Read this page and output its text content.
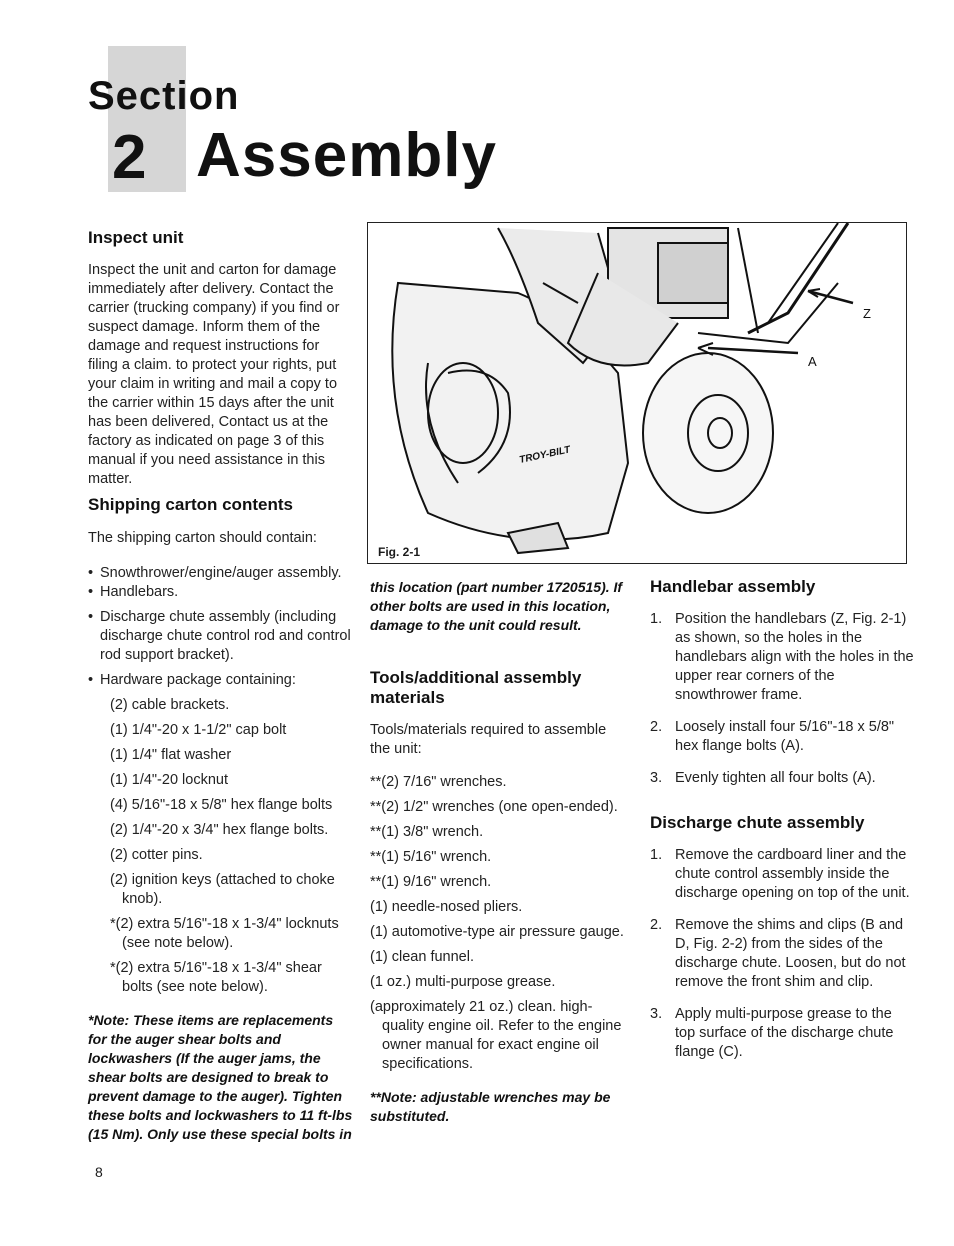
Section
2 Assembly
Inspect unit
Inspect the unit and carton for damage immediately after delivery. Contact the carrier (trucking company) if you find or suspect damage. Inform them of the damage and request instructions for filing a claim. to protect your rights, put your claim in writing and mail a copy to the carrier within 15 days after the unit has been delivered, Contact us at the factory as indicated on page 3 of this manual if you need assistance in this matter.
Shipping carton contents
The shipping carton should contain:
• Snowthrower/engine/auger assembly.
• Handlebars.
• Discharge chute assembly (including discharge chute control rod and control rod support bracket).
• Hardware package containing:
(2) cable brackets.
(1) 1/4"-20 x 1-1/2" cap bolt
(1) 1/4" flat washer
(1) 1/4"-20 locknut
(4) 5/16"-18 x 5/8" hex flange bolts
(2) 1/4"-20 x 3/4" hex flange bolts.
(2) cotter pins.
(2) ignition keys (attached to choke knob).
*(2) extra 5/16"-18 x 1-3/4" locknuts (see note below).
*(2) extra 5/16"-18 x 1-3/4" shear bolts (see note below).
*Note: These items are replacements for the auger shear bolts and lockwashers (If the auger jams, the shear bolts are designed to break to prevent damage to the auger). Tighten these bolts and lockwashers to 11 ft-lbs (15 Nm). Only use these special bolts in
TROY-BILT
Z
A
Fig. 2-1
this location (part number 1720515). If other bolts are used in this location, damage to the unit could result.
Tools/additional assembly materials
Tools/materials required to assemble the unit:
**(2) 7/16" wrenches.
**(2) 1/2" wrenches (one open-ended).
**(1) 3/8" wrench.
**(1) 5/16" wrench.
**(1) 9/16" wrench.
(1) needle-nosed pliers.
(1) automotive-type air pressure gauge.
(1) clean funnel.
(1 oz.) multi-purpose grease.
(approximately 21 oz.) clean. high-quality engine oil. Refer to the engine owner manual for exact engine oil specifications.
**Note: adjustable wrenches may be substituted.
Handlebar assembly
1. Position the handlebars (Z, Fig. 2-1) as shown, so the holes in the handlebars align with the holes in the upper rear corners of the snowthrower frame.
2. Loosely install four 5/16"-18 x 5/8" hex flange bolts (A).
3. Evenly tighten all four bolts (A).
Discharge chute assembly
1. Remove the cardboard liner and the chute control assembly inside the discharge opening on top of the unit.
2. Remove the shims and clips (B and D, Fig. 2-2) from the sides of the discharge chute. Loosen, but do not remove the front shim and clip.
3. Apply multi-purpose grease to the top surface of the discharge chute flange (C).
8
